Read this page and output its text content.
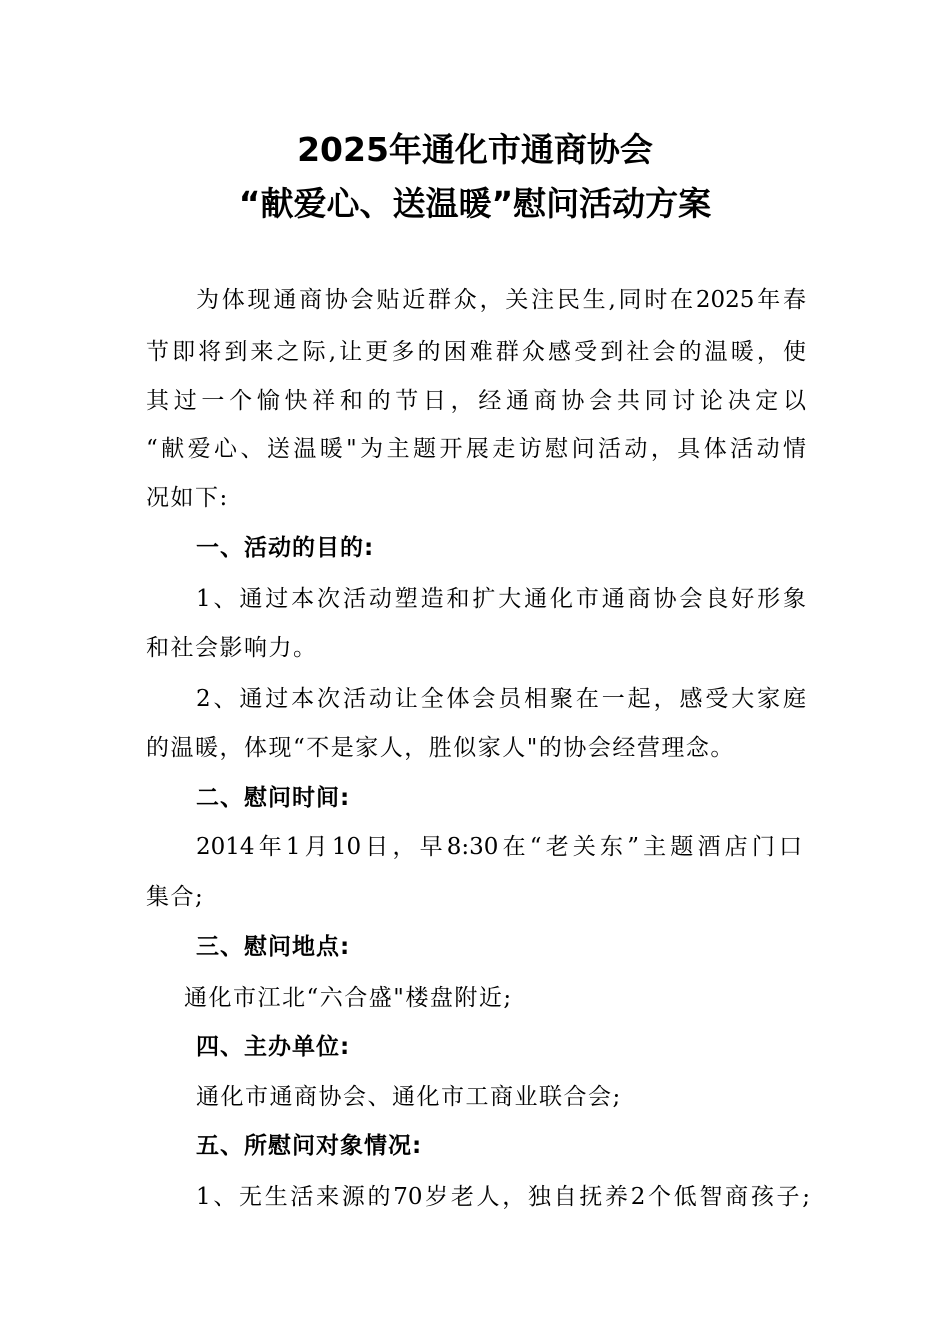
2025年通化市通商协会
“献爱心、送温暖”慰问活动方案
为体现通商协会贴近群众，关注民生,同时在2025年春
节即将到来之际,让更多的困难群众感受到社会的温暖，使
其过一个愉快祥和的节日，经通商协会共同讨论决定以
“献爱心、送温暖"为主题开展走访慰问活动，具体活动情
况如下:
一、活动的目的:
1、通过本次活动塑造和扩大通化市通商协会良好形象
和社会影响力。
2、通过本次活动让全体会员相聚在一起，感受大家庭
的温暖，体现“不是家人，胜似家人"的协会经营理念。
二、慰问时间:
2014年1月10日，早8:30在“老关东”主题酒店门口
集合;
三、慰问地点:
通化市江北“六合盛"楼盘附近;
四、主办单位:
通化市通商协会、通化市工商业联合会;
五、所慰问对象情况:
1、无生活来源的70岁老人，独自抚养2个低智商孩子;
